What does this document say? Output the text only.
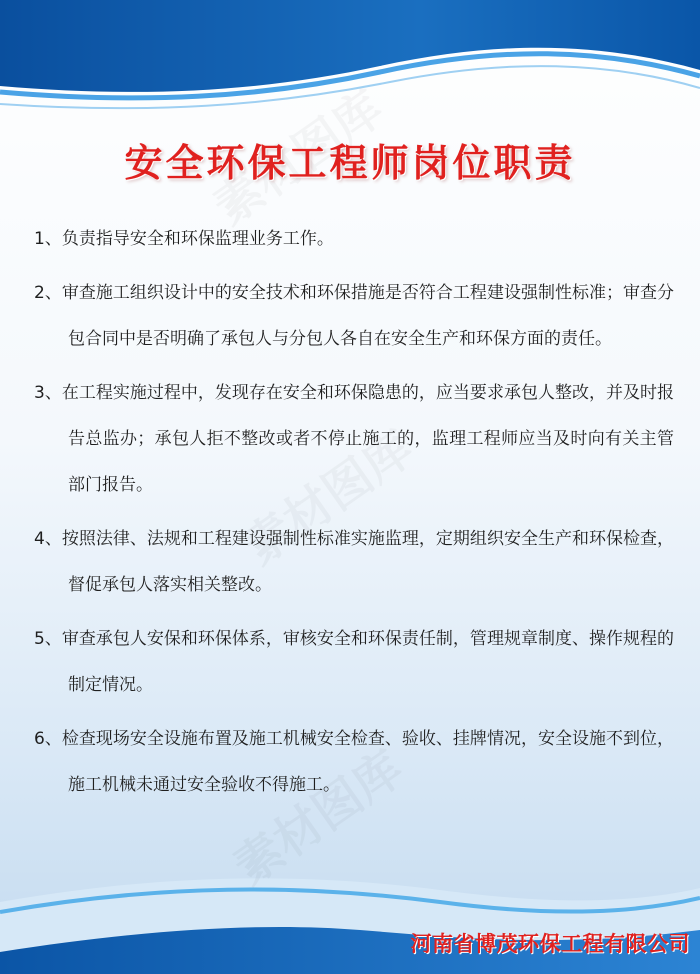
安全环保工程师岗位职责
1、负责指导安全和环保监理业务工作。
2、审查施工组织设计中的安全技术和环保措施是否符合工程建设强制性标准；审查分包合同中是否明确了承包人与分包人各自在安全生产和环保方面的责任。
3、在工程实施过程中，发现存在安全和环保隐患的，应当要求承包人整改，并及时报告总监办；承包人拒不整改或者不停止施工的，监理工程师应当及时向有关主管部门报告。
4、按照法律、法规和工程建设强制性标准实施监理，定期组织安全生产和环保检查，督促承包人落实相关整改。
5、审查承包人安保和环保体系，审核安全和环保责任制，管理规章制度、操作规程的制定情况。
6、检查现场安全设施布置及施工机械安全检查、验收、挂牌情况，安全设施不到位，施工机械未通过安全验收不得施工。
河南省博茂环保工程有限公司
